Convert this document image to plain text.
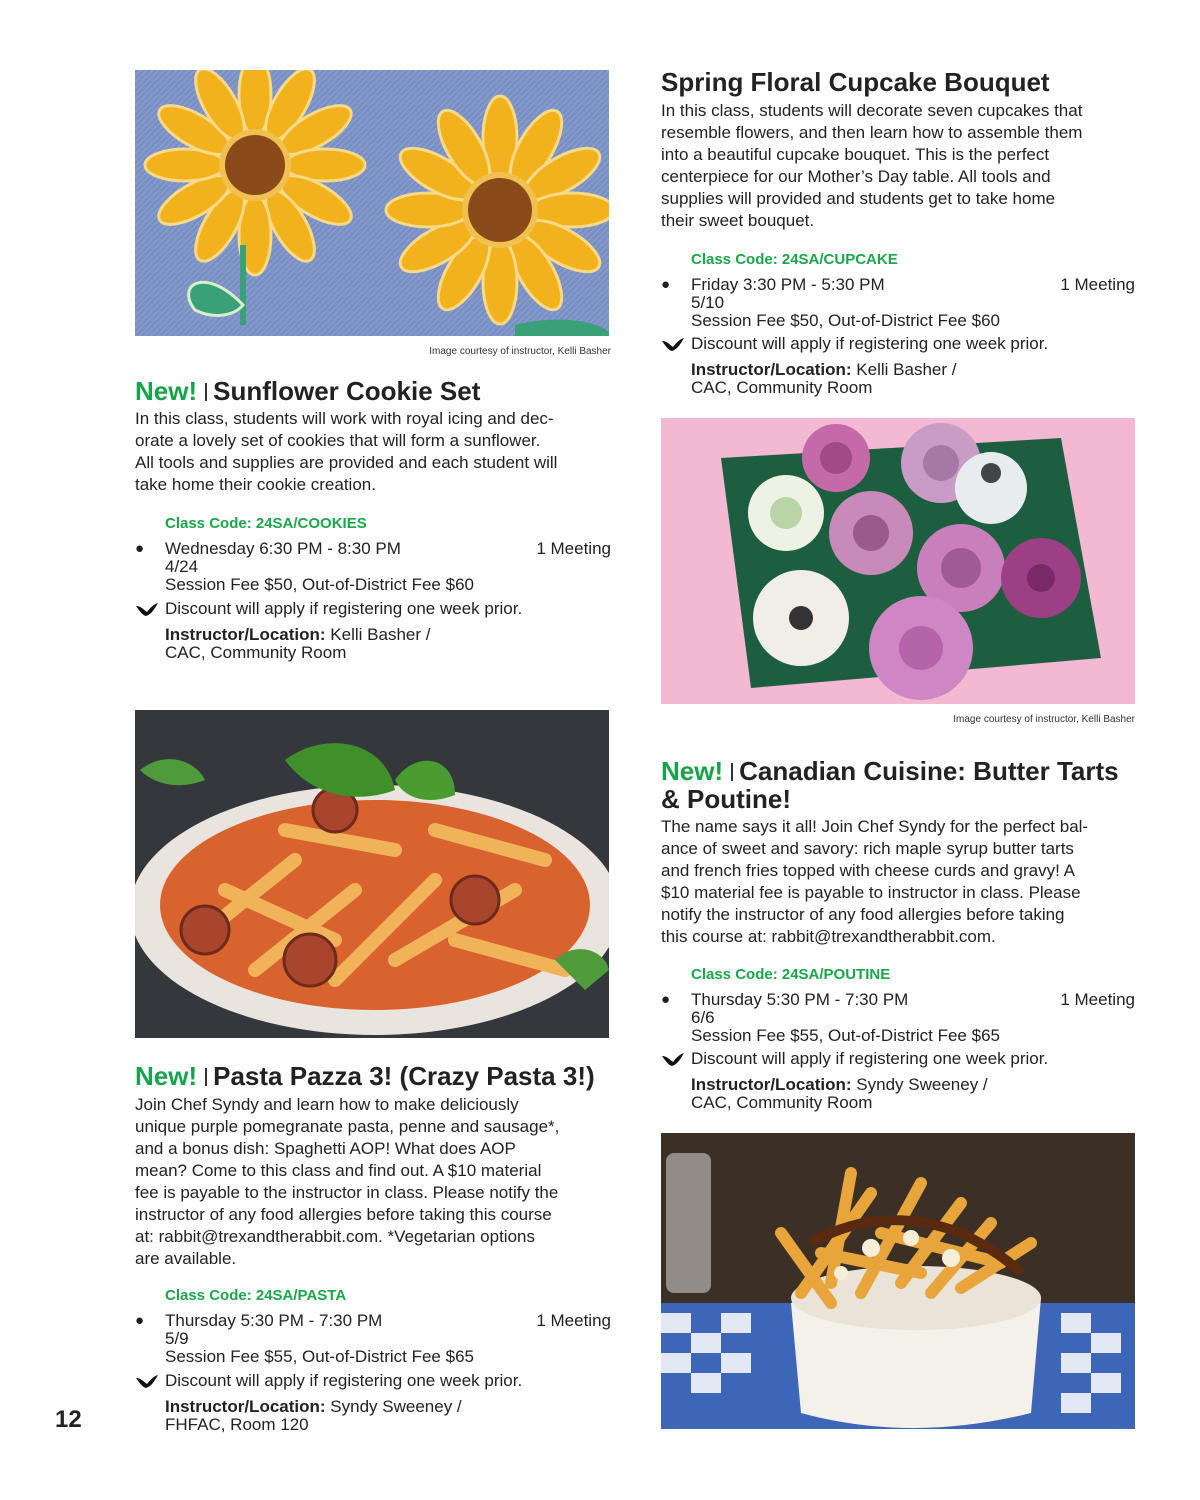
Image courtesy of instructor, Kelli Basher
New! Sunflower Cookie Set
In this class, students will work with royal icing and dec-
orate a lovely set of cookies that will form a sunflower.
All tools and supplies are provided and each student will
take home their cookie creation.
Class Code: 24SA/COOKIES
● Wednesday 6:30 PM - 8:30 PM	1 Meeting
4/24
Session Fee $50, Out-of-District Fee $60
Discount will apply if registering one week prior.
Instructor/Location: Kelli Basher /
CAC, Community Room
New! Pasta Pazza 3! (Crazy Pasta 3!)
Join Chef Syndy and learn how to make deliciously
unique purple pomegranate pasta, penne and sausage*,
and a bonus dish: Spaghetti AOP! What does AOP
mean? Come to this class and find out. A $10 material
fee is payable to the instructor in class. Please notify the
instructor of any food allergies before taking this course
at: rabbit@trexandtherabbit.com. *Vegetarian options
are available.
Class Code: 24SA/PASTA
● Thursday 5:30 PM - 7:30 PM	1 Meeting
5/9
Session Fee $55, Out-of-District Fee $65
Discount will apply if registering one week prior.
Instructor/Location: Syndy Sweeney /
FHFAC, Room 120
12
Spring Floral Cupcake Bouquet
In this class, students will decorate seven cupcakes that
resemble flowers, and then learn how to assemble them
into a beautiful cupcake bouquet. This is the perfect
centerpiece for our Mother’s Day table. All tools and
supplies will provided and students get to take home
their sweet bouquet.
Class Code: 24SA/CUPCAKE
● Friday 3:30 PM - 5:30 PM	1 Meeting
5/10
Session Fee $50, Out-of-District Fee $60
Discount will apply if registering one week prior.
Instructor/Location: Kelli Basher /
CAC, Community Room
Image courtesy of instructor, Kelli Basher
New! Canadian Cuisine: Butter Tarts
& Poutine!
The name says it all! Join Chef Syndy for the perfect bal-
ance of sweet and savory: rich maple syrup butter tarts
and french fries topped with cheese curds and gravy! A
$10 material fee is payable to instructor in class. Please
notify the instructor of any food allergies before taking
this course at: rabbit@trexandtherabbit.com.
Class Code: 24SA/POUTINE
● Thursday 5:30 PM - 7:30 PM	1 Meeting
6/6
Session Fee $55, Out-of-District Fee $65
Discount will apply if registering one week prior.
Instructor/Location: Syndy Sweeney /
CAC, Community Room
